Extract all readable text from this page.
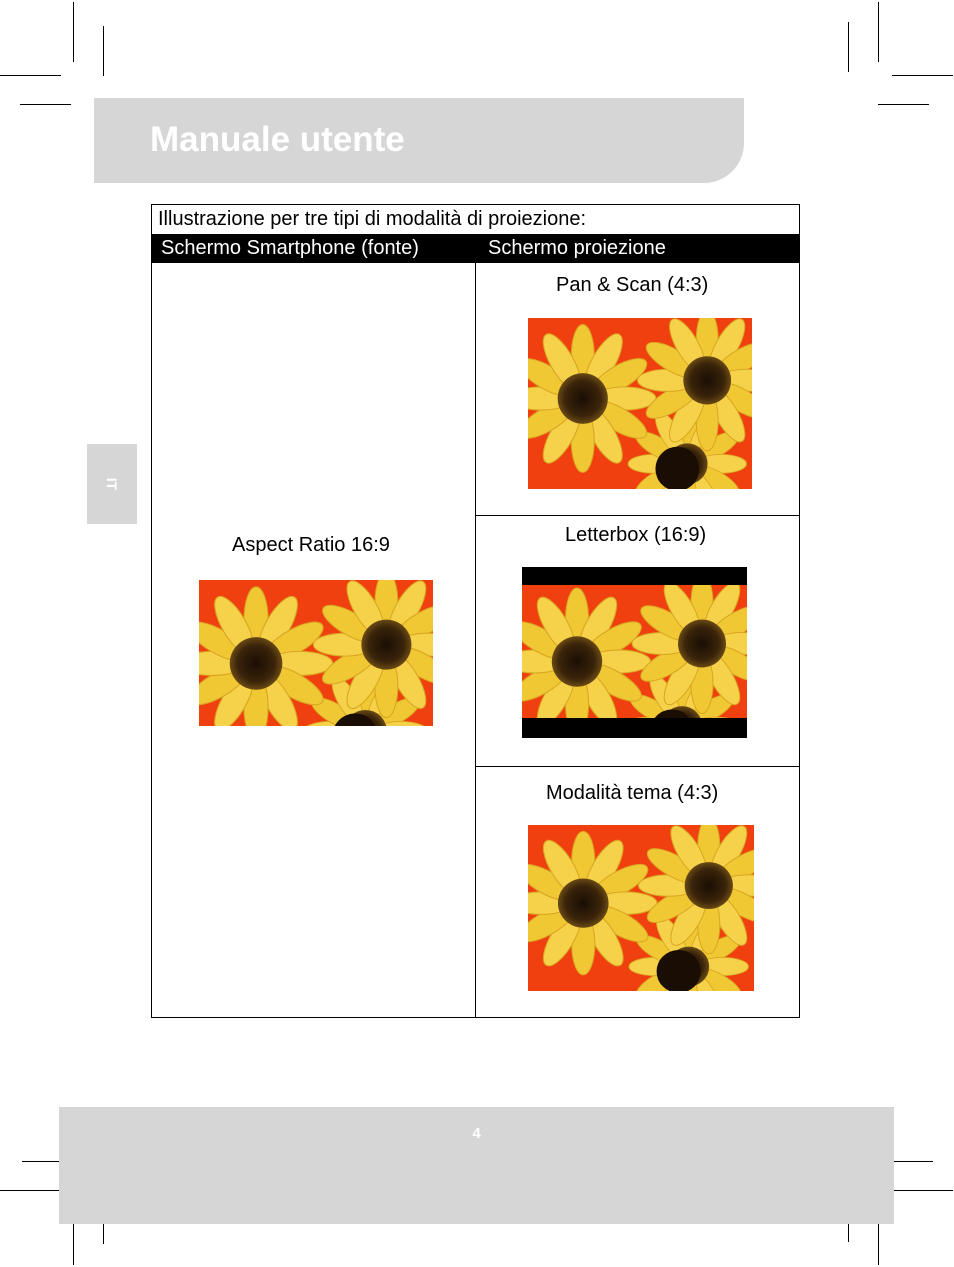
Manuale utente
IT
Illustrazione per tre tipi di modalità di proiezione:
Schermo Smartphone (fonte)	Schermo proiezione
Aspect Ratio 16:9
Pan & Scan (4:3)
Letterbox (16:9)
Modalità tema (4:3)
4
